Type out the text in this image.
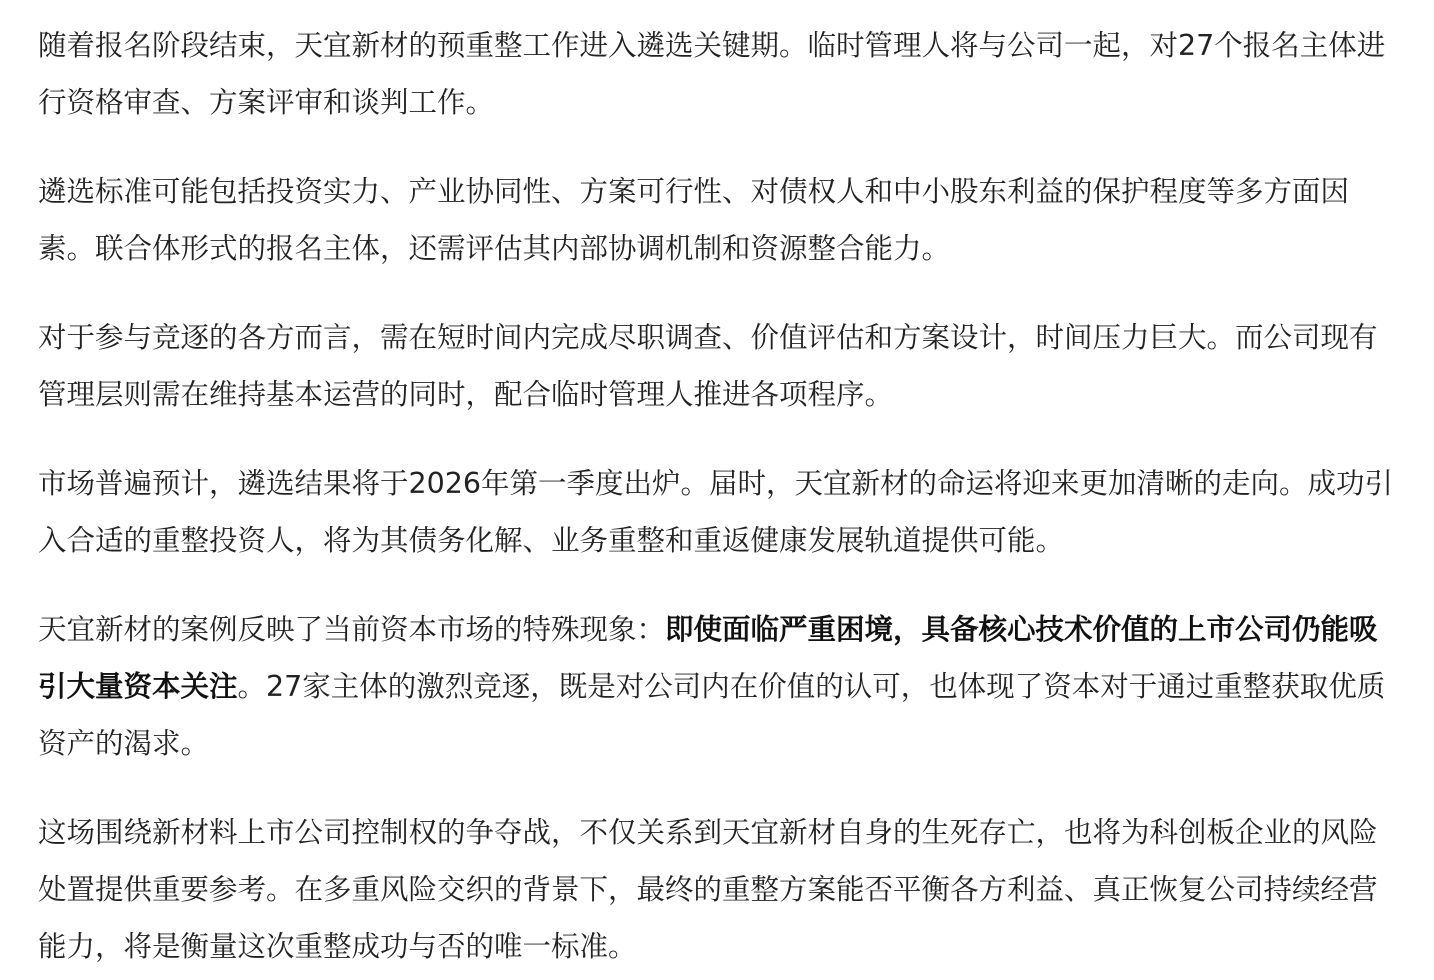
随着报名阶段结束，天宜新材的预重整工作进入遴选关键期。临时管理人将与公司一起，对27个报名主体进行资格审查、方案评审和谈判工作。

遴选标准可能包括投资实力、产业协同性、方案可行性、对债权人和中小股东利益的保护程度等多方面因素。联合体形式的报名主体，还需评估其内部协调机制和资源整合能力。

对于参与竞逐的各方而言，需在短时间内完成尽职调查、价值评估和方案设计，时间压力巨大。而公司现有管理层则需在维持基本运营的同时，配合临时管理人推进各项程序。

市场普遍预计，遴选结果将于2026年第一季度出炉。届时，天宜新材的命运将迎来更加清晰的走向。成功引入合适的重整投资人，将为其债务化解、业务重整和重返健康发展轨道提供可能。

天宜新材的案例反映了当前资本市场的特殊现象：即使面临严重困境，具备核心技术价值的上市公司仍能吸引大量资本关注。27家主体的激烈竞逐，既是对公司内在价值的认可，也体现了资本对于通过重整获取优质资产的渴求。

这场围绕新材料上市公司控制权的争夺战，不仅关系到天宜新材自身的生死存亡，也将为科创板企业的风险处置提供重要参考。在多重风险交织的背景下，最终的重整方案能否平衡各方利益、真正恢复公司持续经营能力，将是衡量这次重整成功与否的唯一标准。
